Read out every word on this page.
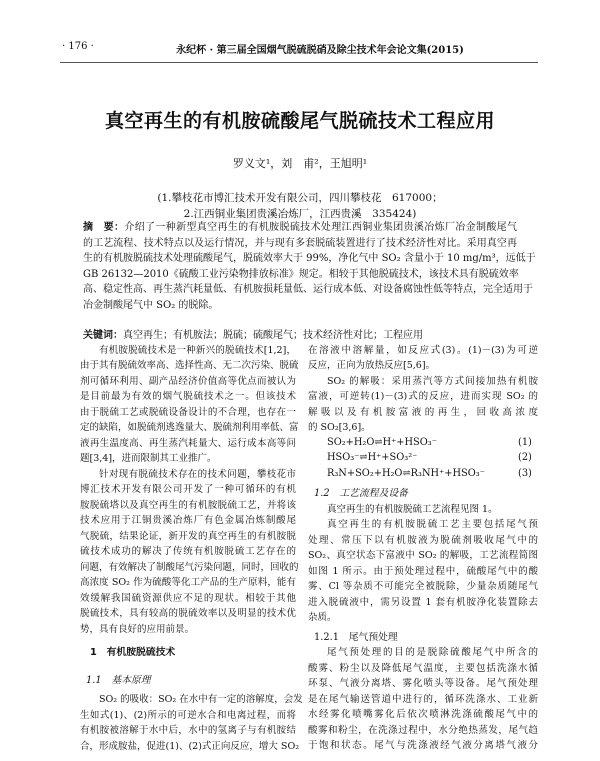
· 176 ·	永纪杯 · 第三届全国烟气脱硫脱硝及除尘技术年会论文集(2015)
真空再生的有机胺硫酸尾气脱硫技术工程应用
罗义文¹，刘　甫²，王旭明¹
(1.攀枝花市博汇技术开发有限公司，四川攀枝花　617000；
2.江西铜业集团贵溪冶炼厂，江西贵溪　335424)
摘　要：介绍了一种新型真空再生的有机胺脱硫技术处理江西铜业集团贵溪冶炼厂冶金制酸尾气
的工艺流程、技术特点以及运行情况，并与现有多套脱硫装置进行了技术经济性对比。采用真空再
生的有机胺脱硫技术处理硫酸尾气，脱硫效率大于 99%，净化气中 SO₂ 含量小于 10 mg/m³，远低于
GB 26132—2010《硫酸工业污染物排放标准》规定。相较于其他脱硫技术，该技术具有脱硫效率
高、稳定性高、再生蒸汽耗量低、有机胺损耗量低、运行成本低、对设备腐蚀性低等特点，完全适用于
冶金制酸尾气中 SO₂ 的脱除。
关键词：真空再生；有机胺法；脱硫；硫酸尾气；技术经济性对比；工程应用
有机胺脱硫技术是一种新兴的脱硫技术[1,2]，
由于其有脱硫效率高、选择性高、无二次污染、脱硫
剂可循环利用、副产品经济价值高等优点而被认为
是目前最为有效的烟气脱硫技术之一。但该技术
由于脱硫工艺或脱硫设备设计的不合理，也存在一
定的缺陷，如脱硫剂逃逸量大、脱硫剂利用率低、富
液再生温度高、再生蒸汽耗量大、运行成本高等问
题[3,4]，进而限制其工业推广。
针对现有脱硫技术存在的技术问题，攀枝花市
博汇技术开发有限公司开发了一种可循环的有机
胺脱硫塔以及真空再生的有机胺脱硫工艺，并将该
技术应用于江铜贵溪冶炼厂有色金属冶炼制酸尾
气脱硫，结果论证，新开发的真空再生的有机胺脱
硫技术成功的解决了传统有机胺脱硫工艺存在的
问题，有效解决了制酸尾气污染问题，同时，回收的
高浓度 SO₂ 作为硫酸等化工产品的生产原料，能有
效缓解我国硫资源供应不足的现状。相较于其他
脱硫技术，具有较高的脱硫效率以及明显的技术优
势，具有良好的应用前景。
1　有机胺脱硫技术
1.1　基本原理
SO₂ 的吸收：SO₂ 在水中有一定的溶解度，会发
生如式(1)、(2)所示的可逆水合和电离过程，而将
有机胺被溶解于水中后，水中的氢离子与有机胺结
合，形成胺盐，促进(1)、(2)式正向反应，增大 SO₂
在溶液中溶解量，如反应式(3)。(1)－(3)为可逆
反应，正向为放热反应[5,6]。
SO₂ 的解吸：采用蒸汽等方式间接加热有机胺
富液，可逆转(1)－(3)式的反应，进而实现 SO₂ 的
解吸以及有机胺富液的再生，回收高浓度
的 SO₂[3,6]。
SO₂+H₂O⇌H⁺+HSO₃⁻	(1)
HSO₃⁻⇌H⁺+SO₃²⁻	(2)
R₃N+SO₂+H₂O⇌R₃NH⁺+HSO₃⁻	(3)
1.2　工艺流程及设备
真空再生的有机胺脱硫工艺流程见图 1。
真空再生的有机胺脱硫工艺主要包括尾气预
处理、常压下以有机胺液为脱硫剂吸收尾气中的
SO₂、真空状态下富液中 SO₂ 的解吸，工艺流程简图
如图 1 所示。由于预处理过程中，硫酸尾气中的酸
雾、Cl 等杂质不可能完全被脱除，少量杂质随尾气
进入脱硫液中，需另设置 1 套有机胺净化装置除去
杂质。
1.2.1　尾气预处理
尾气预处理的目的是脱除硫酸尾气中所含的
酸雾、粉尘以及降低尾气温度，主要包括洗涤水循
环泵、气液分离塔、雾化喷头等设备。尾气预处理
是在尾气输送管道中进行的，循环洗涤水、工业新
水经雾化喷嘴雾化后依次喷淋洗涤硫酸尾气中的
酸雾和粉尘，在洗涤过程中，水分绝热蒸发，尾气趋
于饱和状态。尾气与洗涤液经气液分离塔气液分
